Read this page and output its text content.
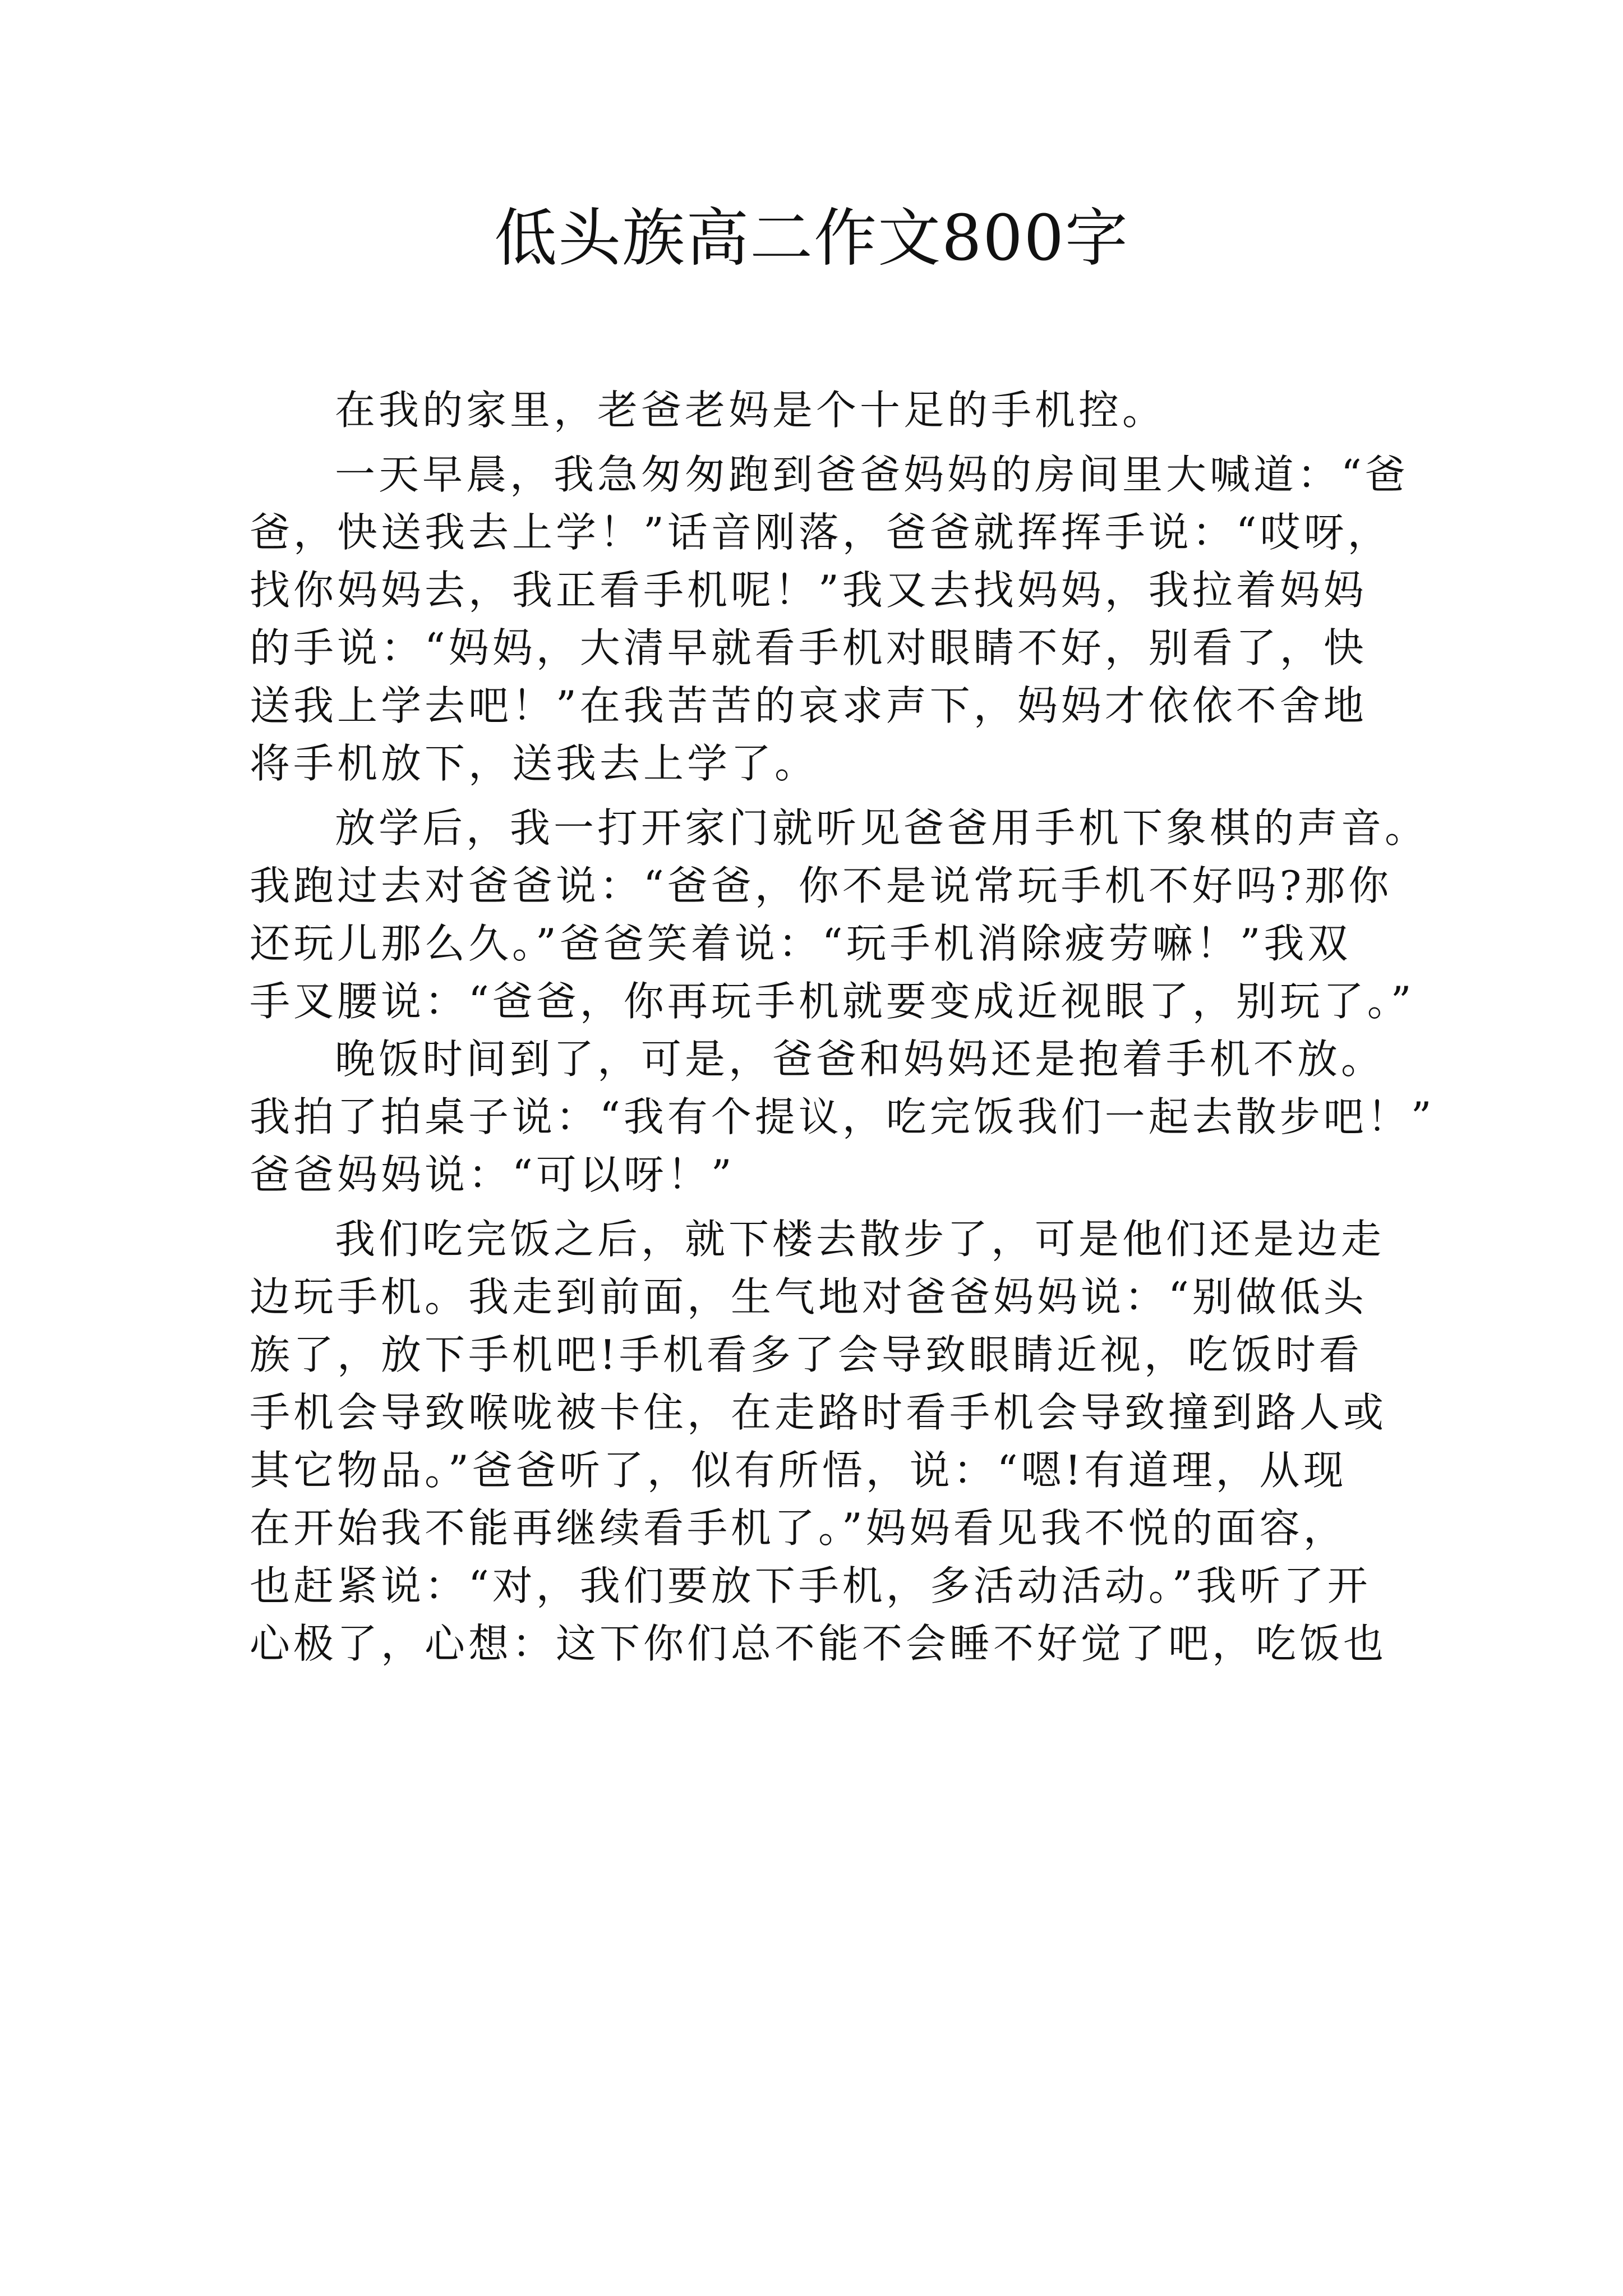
低头族高二作文800字
在我的家里，老爸老妈是个十足的手机控。
一天早晨，我急匆匆跑到爸爸妈妈的房间里大喊道：“爸
爸，快送我去上学！”话音刚落，爸爸就挥挥手说：“哎呀，
找你妈妈去，我正看手机呢！”我又去找妈妈，我拉着妈妈
的手说：“妈妈，大清早就看手机对眼睛不好，别看了，快
送我上学去吧！”在我苦苦的哀求声下，妈妈才依依不舍地
将手机放下，送我去上学了。
放学后，我一打开家门就听见爸爸用手机下象棋的声音。
我跑过去对爸爸说：“爸爸，你不是说常玩手机不好吗?那你
还玩儿那么久。”爸爸笑着说：“玩手机消除疲劳嘛！”我双
手叉腰说：“爸爸，你再玩手机就要变成近视眼了，别玩了。”
晚饭时间到了，可是，爸爸和妈妈还是抱着手机不放。
我拍了拍桌子说：“我有个提议，吃完饭我们一起去散步吧！”
爸爸妈妈说：“可以呀！”
我们吃完饭之后，就下楼去散步了，可是他们还是边走
边玩手机。我走到前面，生气地对爸爸妈妈说：“别做低头
族了，放下手机吧!手机看多了会导致眼睛近视，吃饭时看
手机会导致喉咙被卡住，在走路时看手机会导致撞到路人或
其它物品。”爸爸听了，似有所悟，说：“嗯!有道理，从现
在开始我不能再继续看手机了。”妈妈看见我不悦的面容，
也赶紧说：“对，我们要放下手机，多活动活动。”我听了开
心极了，心想：这下你们总不能不会睡不好觉了吧，吃饭也
